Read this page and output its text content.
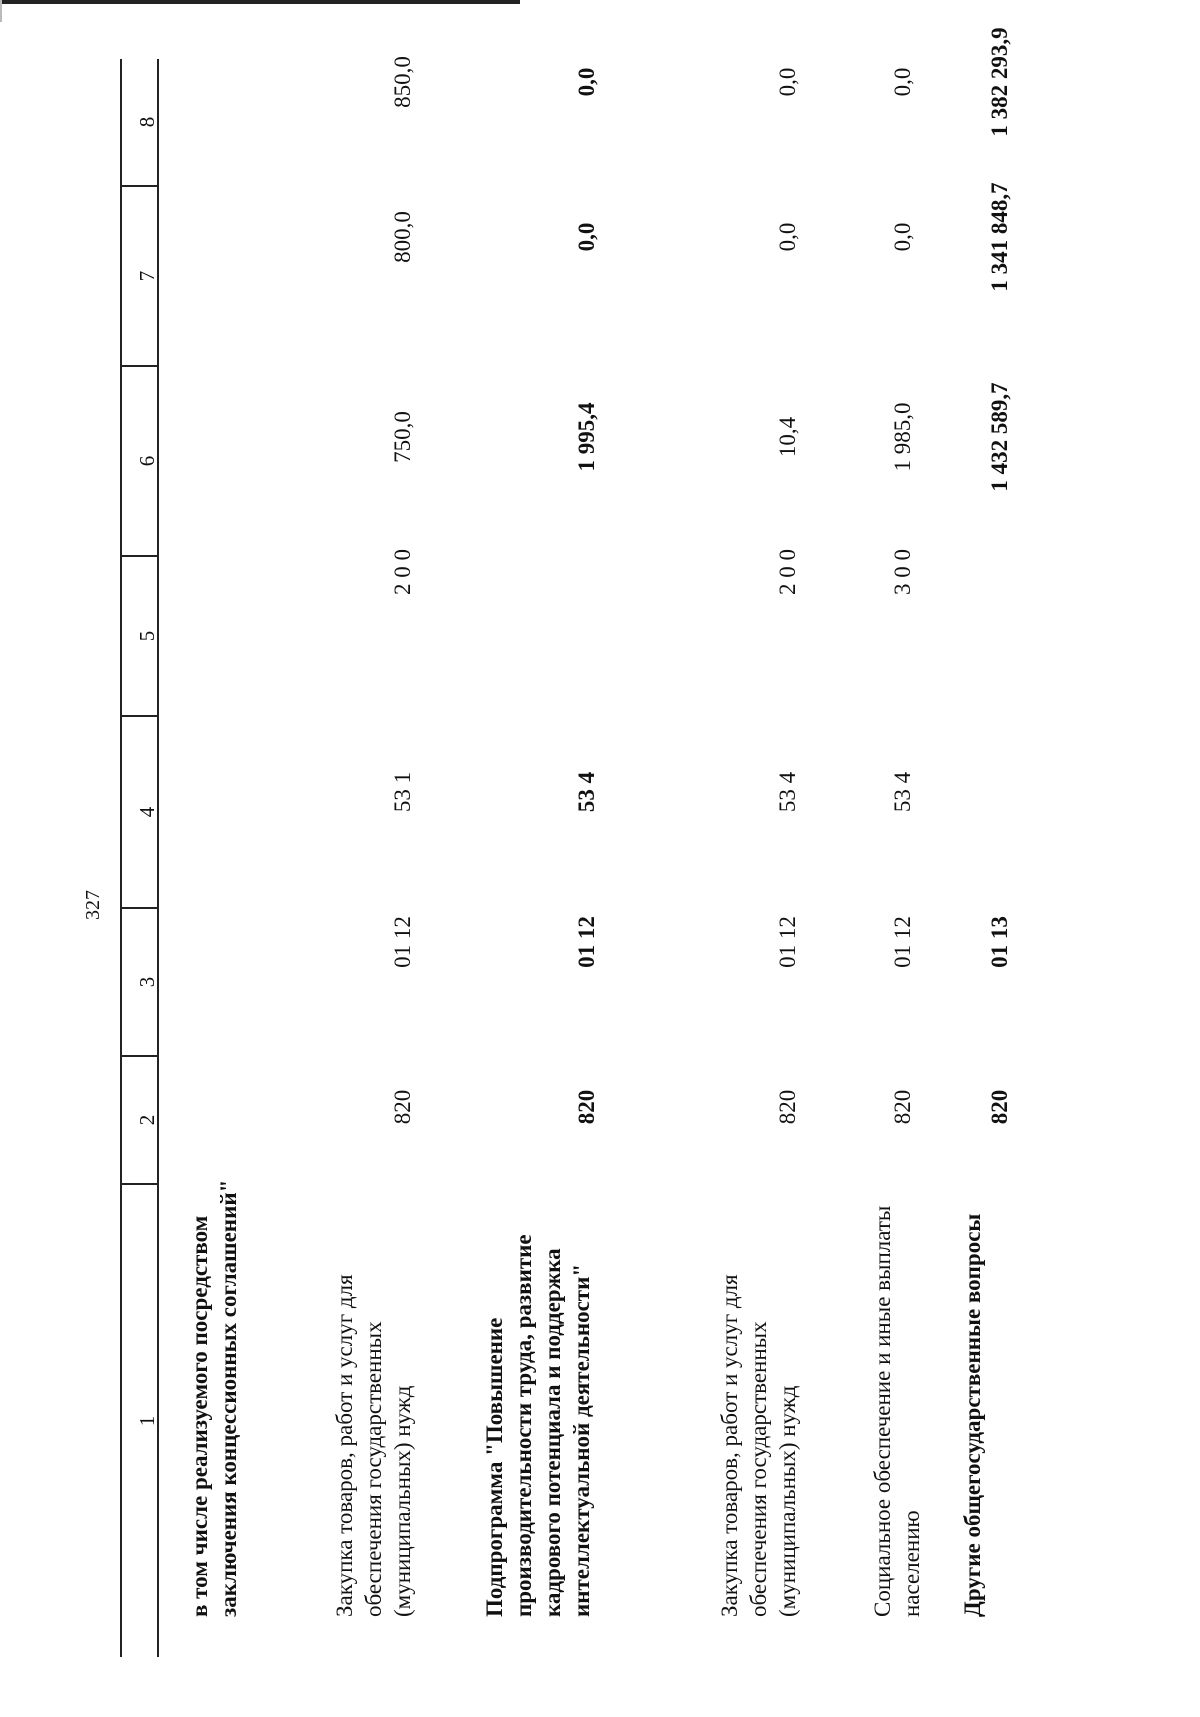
327
1
2
3
4
5
6
7
8
в том числе реализуемого посредством заключения концессионных соглашений"	Закупка товаров, работ и услуг для обеспечения государственных (муниципальных) нужд
820
01 12
53 1
2 0 0
750,0
800,0
850,0
Подпрограмма "Повышение производительности труда, развитие кадрового потенциала и поддержка интеллектуальной деятельности"
820
01 12
53 4
1 995,4
0,0
0,0
Закупка товаров, работ и услуг для обеспечения государственных (муниципальных) нужд
820
01 12
53 4
2 0 0
10,4
0,0
0,0
Социальное обеспечение и иные выплаты населению
820
01 12
53 4
3 0 0
1 985,0
0,0
0,0
Другие общегосударственные вопросы
820
01 13
1 432 589,7
1 341 848,7
1 382 293,9
